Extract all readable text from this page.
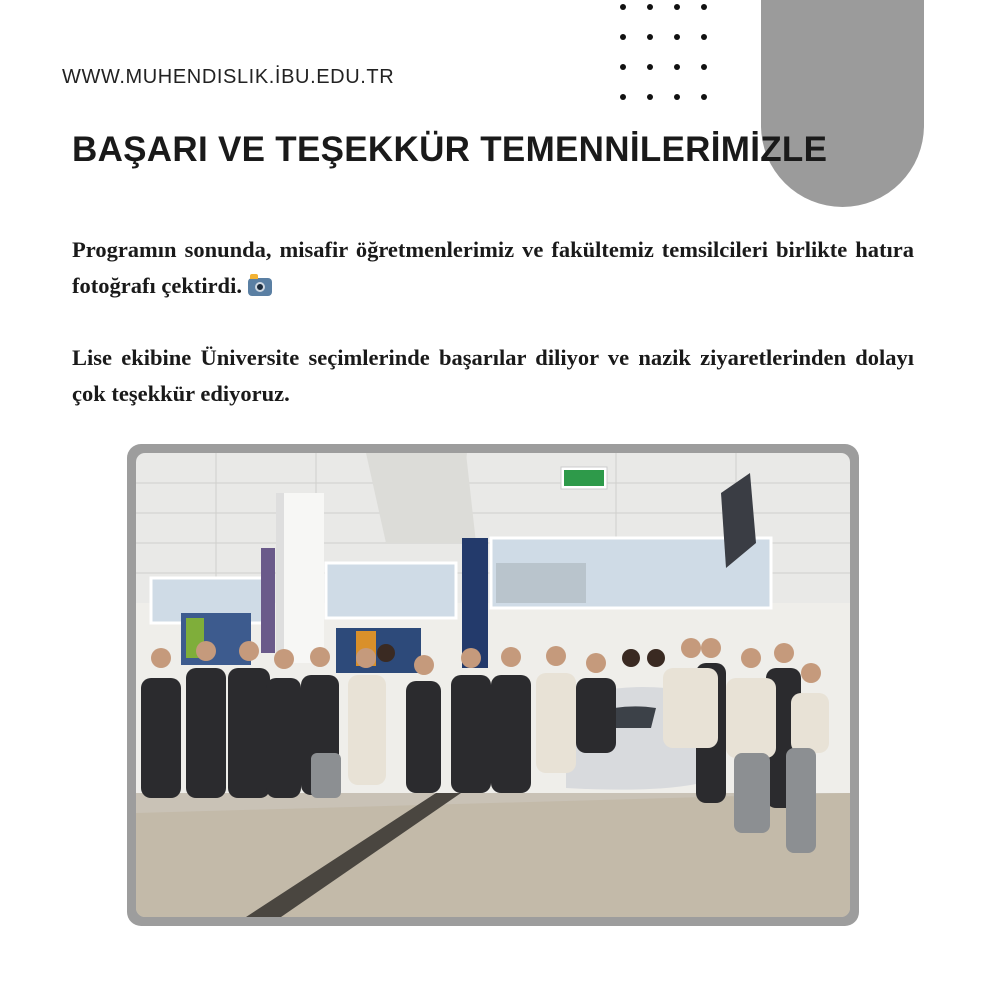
WWW.MUHENDISLIK.İBU.EDU.TR
BAŞARI VE TEŞEKKÜR TEMENNİLERİMİZLE

Programın sonunda, misafir öğretmenlerimiz ve fakültemiz temsilcileri birlikte hatıra fotoğrafı çektirdi.

Lise ekibine Üniversite seçimlerinde başarılar diliyor ve nazik ziyaretlerinden dolayı çok teşekkür ediyoruz.
